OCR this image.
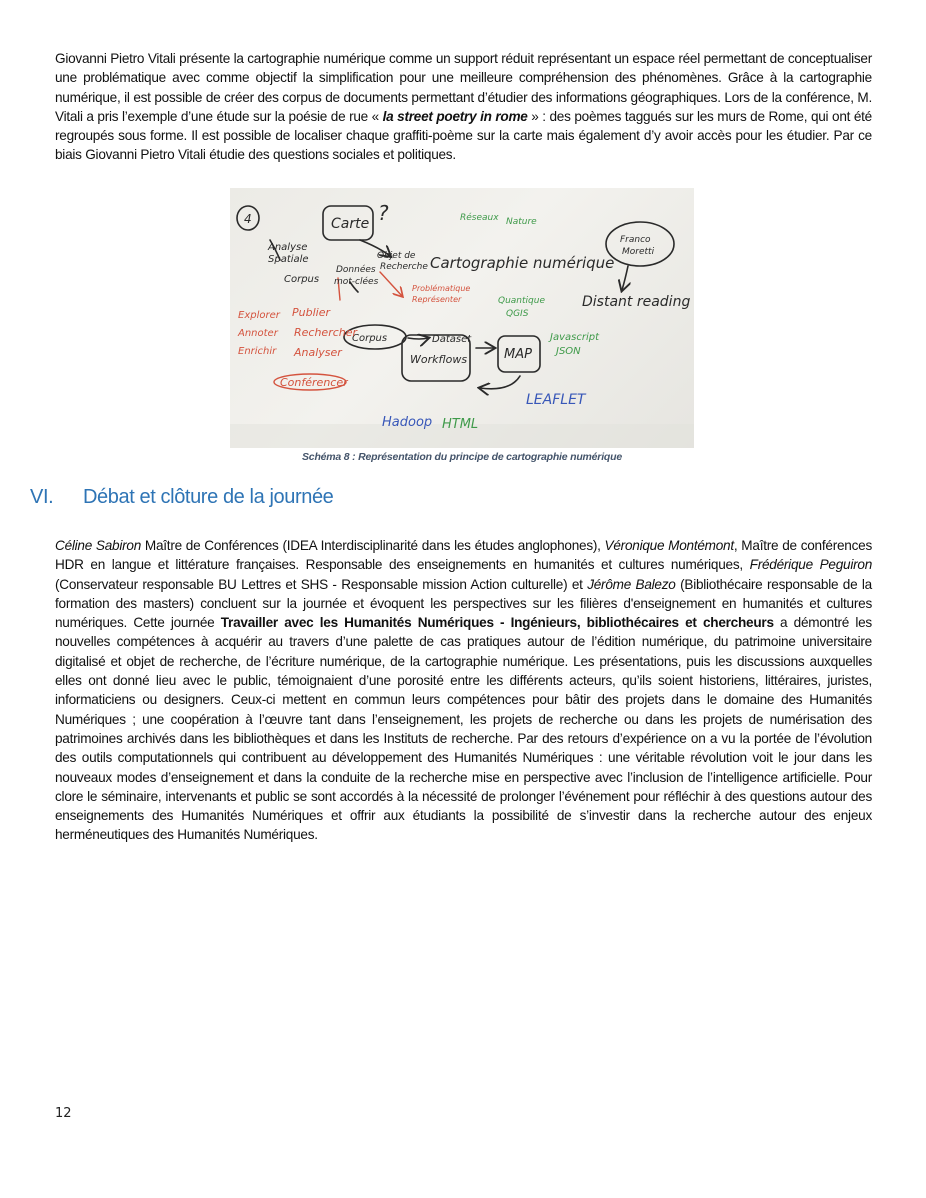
Giovanni Pietro Vitali présente la cartographie numérique comme un support réduit représentant un espace réel permettant de conceptualiser une problématique avec comme objectif la simplification pour une meilleure compréhension des phénomènes. Grâce à la cartographie numérique, il est possible de créer des corpus de documents permettant d’étudier des informations géographiques. Lors de la conférence, M. Vitali a pris l’exemple d’une étude sur la poésie de rue « la street poetry in rome » : des poèmes taggués sur les murs de Rome, qui ont été regroupés sous forme. Il est possible de localiser chaque graffiti-poème sur la carte mais également d’y avoir accès pour les étudier. Par ce biais Giovanni Pietro Vitali étudie des questions sociales et politiques.

4	Carte ?
Objet de
Recherche
Analyse
Spatiale
Corpus
Données
mot-clées
Cartographie numérique
Franco
Moretti
Distant reading
Corpus	Dataset
MAP
Workflows
Réseaux Nature
Quantique
QGIS
Javascript
JSON
Explorer
Annoter
Enrichir
Publier
Rechercher
Analyser
Problématique
Représenter
Conférencer
LEAFLET
Hadoop HTML
Schéma 8 : Représentation du principe de cartographie numérique
VI. Débat et clôture de la journée

Céline Sabiron Maître de Conférences (IDEA Interdisciplinarité dans les études anglophones), Véronique Montémont, Maître de conférences HDR en langue et littérature françaises. Responsable des enseignements en humanités et cultures numériques, Frédérique Peguiron (Conservateur responsable BU Lettres et SHS - Responsable mission Action culturelle) et Jérôme Balezo (Bibliothécaire responsable de la formation des masters) concluent sur la journée et évoquent les perspectives sur les filières d'enseignement en humanités et cultures numériques. Cette journée Travailler avec les Humanités Numériques - Ingénieurs, bibliothécaires et chercheurs a démontré les nouvelles compétences à acquérir au travers d’une palette de cas pratiques autour de l’édition numérique, du patrimoine universitaire digitalisé et objet de recherche, de l’écriture numérique, de la cartographie numérique. Les présentations, puis les discussions auxquelles elles ont donné lieu avec le public, témoignaient d’une porosité entre les différents acteurs, qu’ils soient historiens, littéraires, juristes, informaticiens ou designers. Ceux-ci mettent en commun leurs compétences pour bâtir des projets dans le domaine des Humanités Numériques ; une coopération à l’œuvre tant dans l’enseignement, les projets de recherche ou dans les projets de numérisation des patrimoines archivés dans les bibliothèques et dans les Instituts de recherche. Par des retours d’expérience on a vu la portée de l’évolution des outils computationnels qui contribuent au développement des Humanités Numériques : une véritable révolution voit le jour dans les nouveaux modes d’enseignement et dans la conduite de la recherche mise en perspective avec l’inclusion de l’intelligence artificielle. Pour clore le séminaire, intervenants et public se sont accordés à la nécessité de prolonger l’événement pour réfléchir à des questions autour des enseignements des Humanités Numériques et offrir aux étudiants la possibilité de s’investir dans la recherche autour des enjeux herméneutiques des Humanités Numériques.

12
